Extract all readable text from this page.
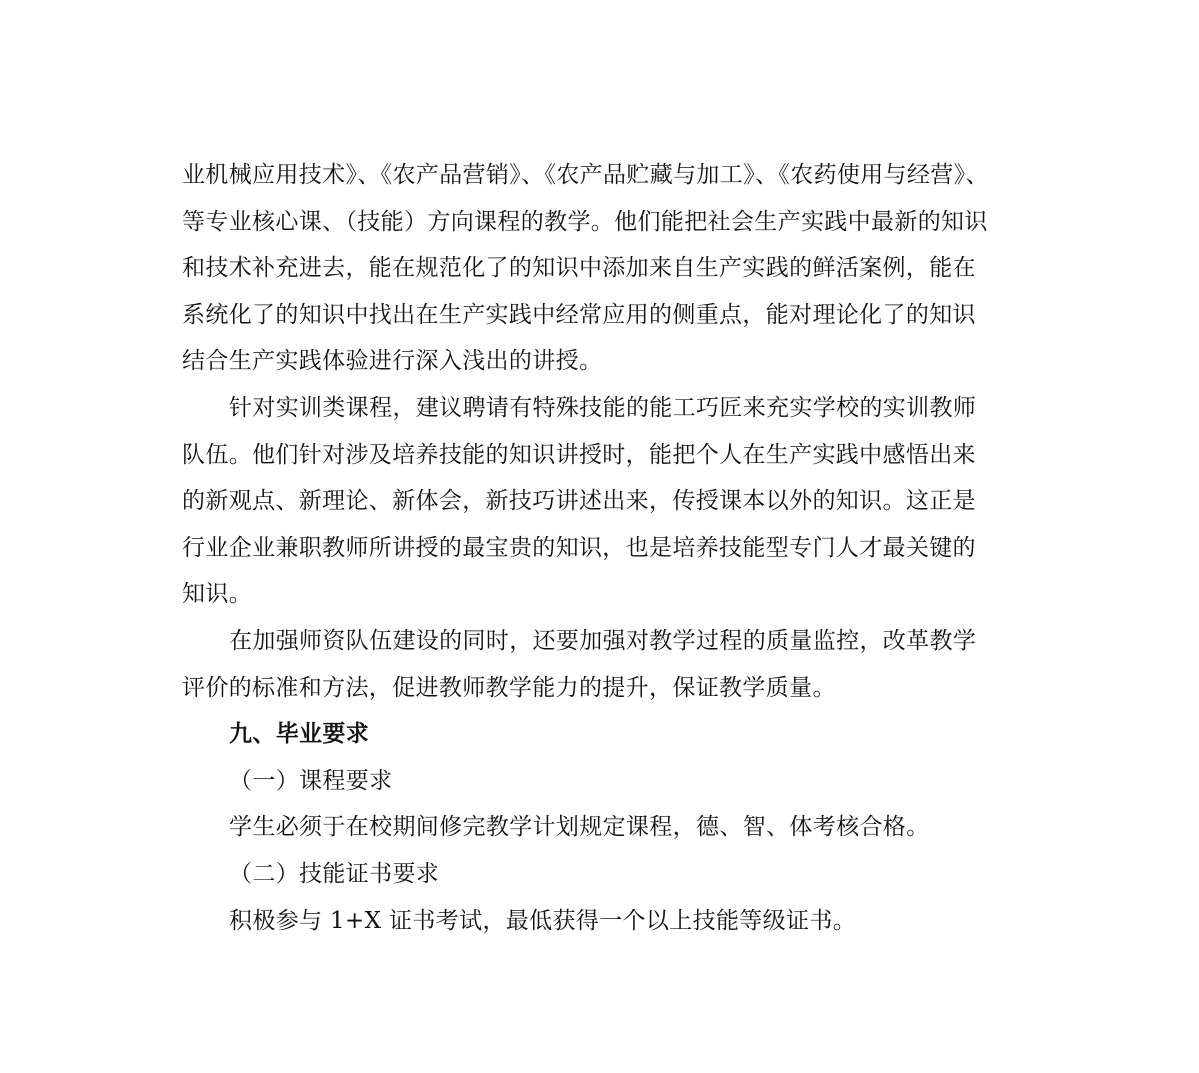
业机械应用技术》、《农产品营销》、《农产品贮藏与加工》、《农药使用与经营》、
等专业核心课、（技能）方向课程的教学。他们能把社会生产实践中最新的知识
和技术补充进去，能在规范化了的知识中添加来自生产实践的鲜活案例，能在
系统化了的知识中找出在生产实践中经常应用的侧重点，能对理论化了的知识
结合生产实践体验进行深入浅出的讲授。
针对实训类课程，建议聘请有特殊技能的能工巧匠来充实学校的实训教师
队伍。他们针对涉及培养技能的知识讲授时，能把个人在生产实践中感悟出来
的新观点、新理论、新体会，新技巧讲述出来，传授课本以外的知识。这正是
行业企业兼职教师所讲授的最宝贵的知识，也是培养技能型专门人才最关键的
知识。
在加强师资队伍建设的同时，还要加强对教学过程的质量监控，改革教学
评价的标准和方法，促进教师教学能力的提升，保证教学质量。
九、毕业要求
（一）课程要求
学生必须于在校期间修完教学计划规定课程，德、智、体考核合格。
（二）技能证书要求
积极参与 1+X 证书考试，最低获得一个以上技能等级证书。
